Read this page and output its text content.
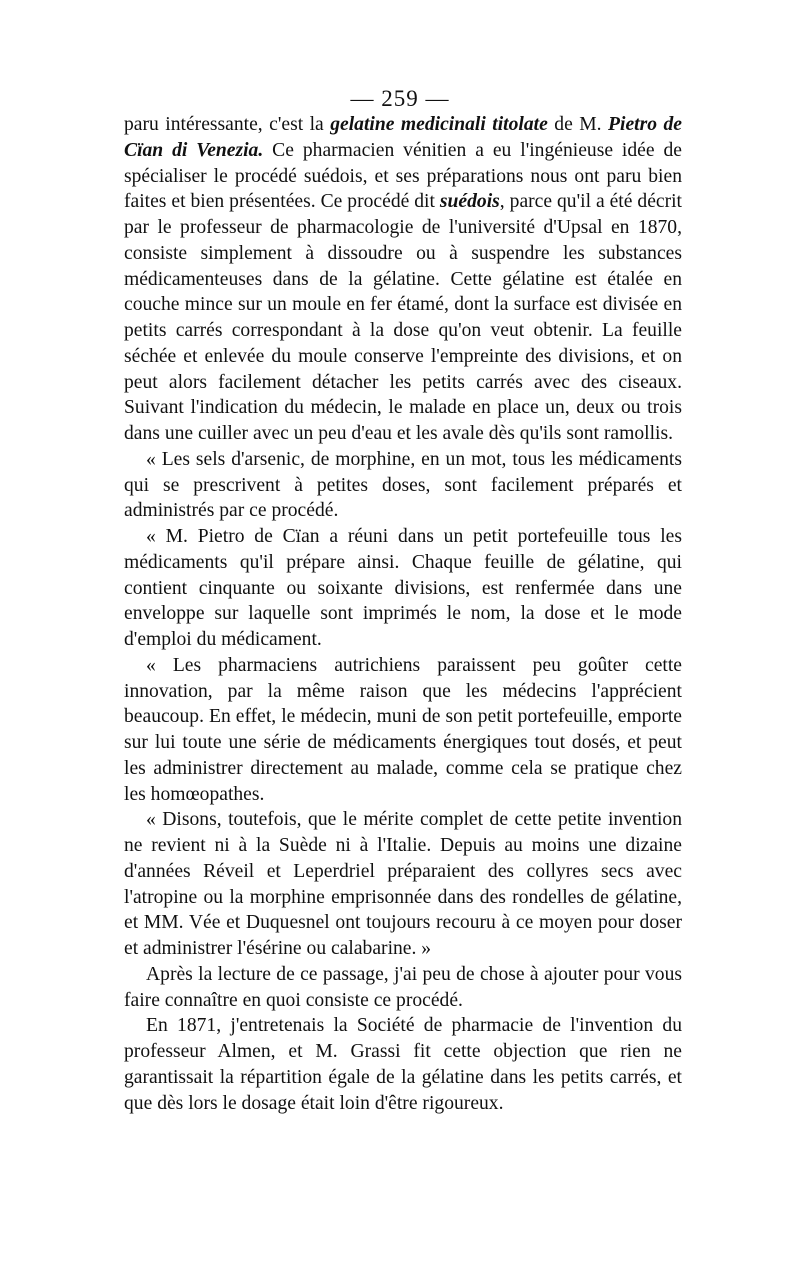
— 259 —

paru intéressante, c'est la gelatine medicinali titolate de M. Pietro de Cïan di Venezia. Ce pharmacien vénitien a eu l'ingénieuse idée de spécialiser le procédé suédois, et ses préparations nous ont paru bien faites et bien présentées. Ce procédé dit suédois, parce qu'il a été décrit par le professeur de pharmacologie de l'université d'Upsal en 1870, consiste simplement à dissoudre ou à suspendre les substances médicamenteuses dans de la gélatine. Cette gélatine est étalée en couche mince sur un moule en fer étamé, dont la surface est divisée en petits carrés correspondant à la dose qu'on veut obtenir. La feuille séchée et enlevée du moule conserve l'empreinte des divisions, et on peut alors facilement détacher les petits carrés avec des ciseaux. Suivant l'indication du médecin, le malade en place un, deux ou trois dans une cuiller avec un peu d'eau et les avale dès qu'ils sont ramollis.

« Les sels d'arsenic, de morphine, en un mot, tous les médicaments qui se prescrivent à petites doses, sont facilement préparés et administrés par ce procédé.

« M. Pietro de Cïan a réuni dans un petit portefeuille tous les médicaments qu'il prépare ainsi. Chaque feuille de gélatine, qui contient cinquante ou soixante divisions, est renfermée dans une enveloppe sur laquelle sont imprimés le nom, la dose et le mode d'emploi du médicament.

« Les pharmaciens autrichiens paraissent peu goûter cette innovation, par la même raison que les médecins l'apprécient beaucoup. En effet, le médecin, muni de son petit portefeuille, emporte sur lui toute une série de médicaments énergiques tout dosés, et peut les administrer directement au malade, comme cela se pratique chez les homœopathes.

« Disons, toutefois, que le mérite complet de cette petite invention ne revient ni à la Suède ni à l'Italie. Depuis au moins une dizaine d'années Réveil et Leperdriel préparaient des collyres secs avec l'atropine ou la morphine emprisonnée dans des rondelles de gélatine, et MM. Vée et Duquesnel ont toujours recouru à ce moyen pour doser et administrer l'ésérine ou calabarine. »

Après la lecture de ce passage, j'ai peu de chose à ajouter pour vous faire connaître en quoi consiste ce procédé.

En 1871, j'entretenais la Société de pharmacie de l'invention du professeur Almen, et M. Grassi fit cette objection que rien ne garantissait la répartition égale de la gélatine dans les petits carrés, et que dès lors le dosage était loin d'être rigoureux.
